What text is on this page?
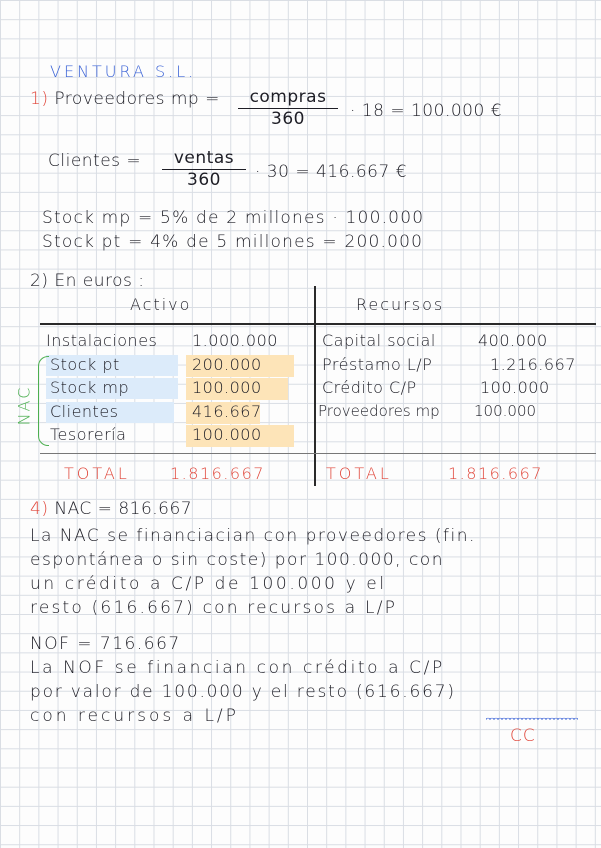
VENTURA S.L.
1) Proveedores mp =	compras
360	· 18 = 100.000 €
Clientes =	ventas
360	· 30 = 416.667 €
Stock mp = 5% de 2 millones · 100.000
Stock pt = 4% de 5 millones = 200.000
2) En euros :
Activo	Recursos
NAC
Instalaciones 1.000.000
Stock pt	200.000
Stock mp	100.000
Clientes	416.667
Tesorería	100.000
Capital social	400.000
Préstamo L/P	1.216.667
Crédito C/P	100.000
Proveedores mp 100.000
TOTAL	1.816.667	TOTAL	1.816.667
4) NAC = 816.667
La NAC se financiacian con proveedores (fin.
espontánea o sin coste) por 100.000, con
un crédito a C/P de 100.000 y el
resto (616.667) con recursos a L/P
NOF = 716.667
La NOF se financian con crédito a C/P
por valor de 100.000 y el resto (616.667)
con recursos a L/P
CC
